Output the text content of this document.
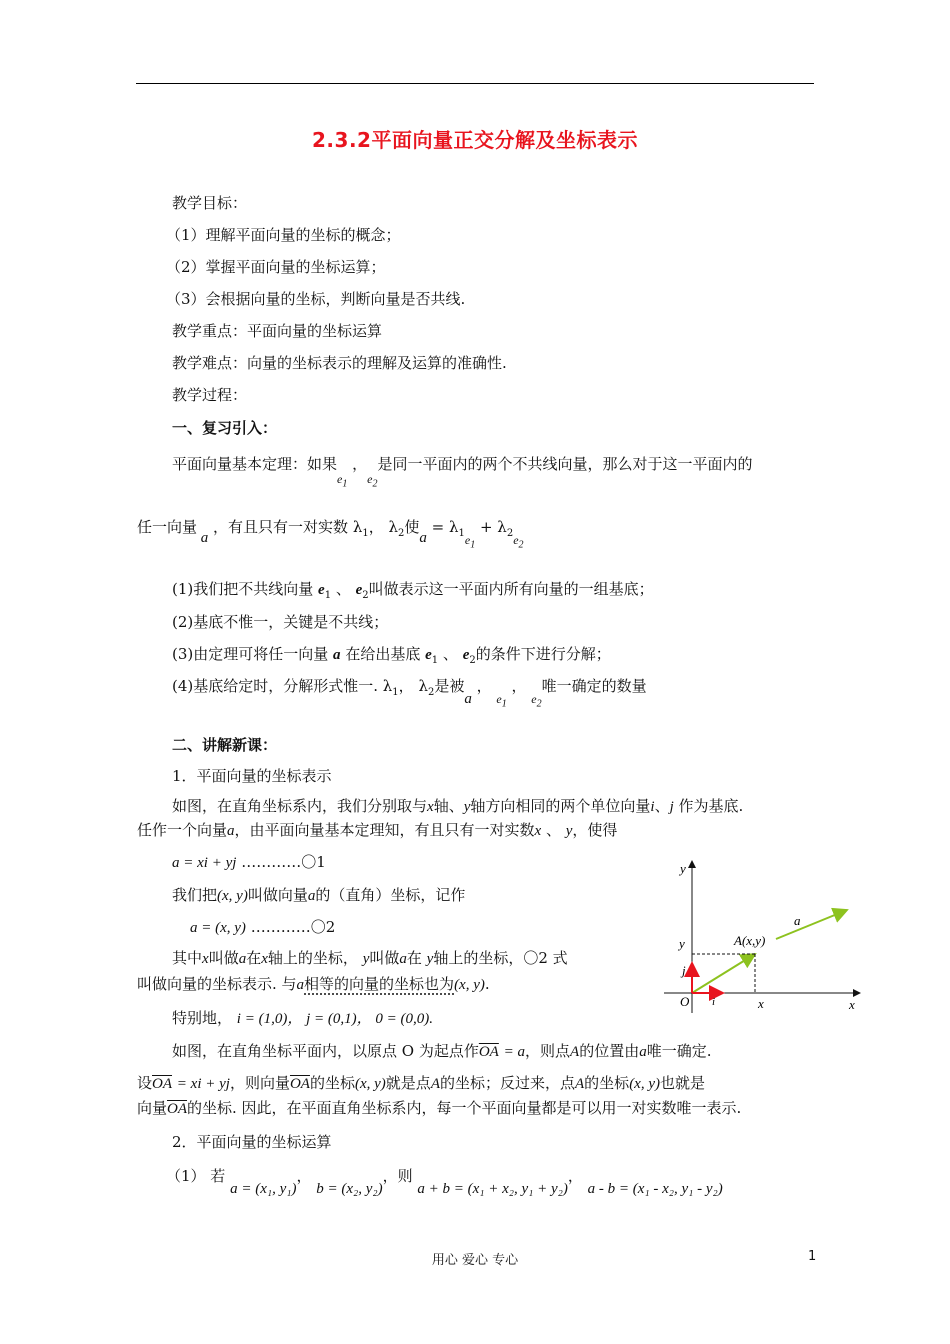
2.3.2平面向量正交分解及坐标表示
教学目标：
（1）理解平面向量的坐标的概念；
（2）掌握平面向量的坐标运算；
（3）会根据向量的坐标，判断向量是否共线.
教学重点：平面向量的坐标运算
教学难点：向量的坐标表示的理解及运算的准确性.
教学过程：
一、复习引入：
平面向量基本定理：如果$e_1$ ，$e_2$是同一平面内的两个不共线向量，那么对于这一平面内的
任一向量 a ，有且只有一对实数 $\lambda_1$， $\lambda_2$使$a = \lambda_1e_1 + \lambda_2e_2$
(1)我们把不共线向量 $e_1$ 、 $e_2$叫做表示这一平面内所有向量的一组基底；
(2)基底不惟一，关键是不共线；
(3)由定理可将任一向量 a 在给出基底 $e_1$ 、 $e_2$的条件下进行分解；
(4)基底给定时，分解形式惟一. $\lambda_1$， $\lambda_2$是被a ， $e_1$ ， $e_2$唯一确定的数量
二、讲解新课：
1．平面向量的坐标表示
如图，在直角坐标系内，我们分别取与x轴、y轴方向相同的两个单位向量i、j 作为基底.
任作一个向量a，由平面向量基本定理知，有且只有一对实数x 、 y，使得
a = xi + yj …………〇1
我们把(x, y)叫做向量a的（直角）坐标，记作
a = (x, y) …………〇2
其中x叫做a在x轴上的坐标， y叫做a在 y轴上的坐标，〇2 式
叫做向量的坐标表示. 与a相等的向量的坐标也为(x, y).
特别地， i = (1,0)， j = (0,1)， 0 = (0,0).
如图，在直角坐标平面内，以原点 O 为起点作$\overline{OA} = a$，则点A的位置由a唯一确定.
设$\overline{OA}$ = xi + yj，则向量$\overline{OA}$的坐标(x, y)就是点A的坐标；反过来，点A的坐标(x, y)也就是
向量$\overline{OA}$的坐标. 因此，在平面直角坐标系内，每一个平面向量都是可以用一对实数唯一表示.
2．平面向量的坐标运算
（1） 若 a = (x₁, y₁)， b = (x₂, y₂)，则 a + b = (x₁ + x₂, y₁ + y₂)， a - b = (x₁ - x₂, y₁ - y₂)
y
x
O
A(x,y)
a
i
j
y
x
用心 爱心 专心	1
